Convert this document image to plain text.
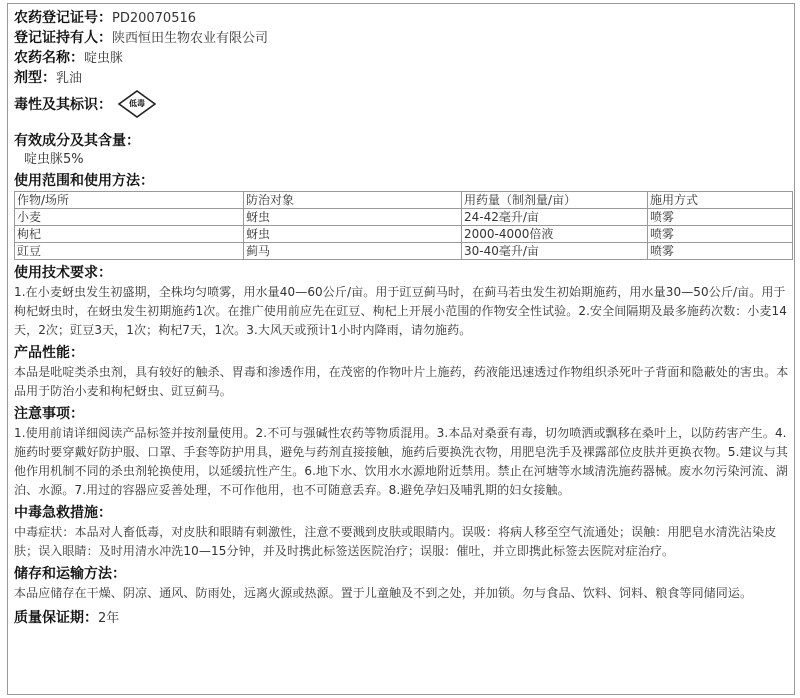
农药登记证号：PD20070516
登记证持有人：陕西恒田生物农业有限公司
农药名称：啶虫脒
剂型：乳油
毒性及其标识：	低毒
有效成分及其含量：
啶虫脒5%
使用范围和使用方法：
作物/场所	防治对象	用药量（制剂量/亩）	施用方式
小麦	蚜虫	24-42毫升/亩	喷雾
枸杞	蚜虫	2000-4000倍液	喷雾
豇豆	蓟马	30-40毫升/亩	喷雾
使用技术要求：
1.在小麦蚜虫发生初盛期，全株均匀喷雾，用水量40—60公斤/亩。用于豇豆蓟马时，在蓟马若虫发生初始期施药，用水量30—50公斤/亩。用于枸杞蚜虫时，在蚜虫发生初期施药1次。在推广使用前应先在豇豆、枸杞上开展小范围的作物安全性试验。2.安全间隔期及最多施药次数：小麦14天，2次；豇豆3天，1次；枸杞7天，1次。3.大风天或预计1小时内降雨，请勿施药。
产品性能：
本品是吡啶类杀虫剂，具有较好的触杀、胃毒和渗透作用，在茂密的作物叶片上施药，药液能迅速透过作物组织杀死叶子背面和隐蔽处的害虫。本品用于防治小麦和枸杞蚜虫、豇豆蓟马。
注意事项：
1.使用前请详细阅读产品标签并按剂量使用。2.不可与强碱性农药等物质混用。3.本品对桑蚕有毒，切勿喷洒或飘移在桑叶上，以防药害产生。4.施药时要穿戴好防护服、口罩、手套等防护用具，避免与药剂直接接触，施药后要换洗衣物，用肥皂洗手及裸露部位皮肤并更换衣物。5.建议与其他作用机制不同的杀虫剂轮换使用，以延缓抗性产生。6.地下水、饮用水水源地附近禁用。禁止在河塘等水域清洗施药器械。废水勿污染河流、湖泊、水源。7.用过的容器应妥善处理，不可作他用，也不可随意丢弃。8.避免孕妇及哺乳期的妇女接触。
中毒急救措施：
中毒症状：本品对人畜低毒，对皮肤和眼睛有刺激性，注意不要溅到皮肤或眼睛内。误吸：将病人移至空气流通处；误触：用肥皂水清洗沾染皮肤；误入眼睛：及时用清水冲洗10—15分钟，并及时携此标签送医院治疗；误服：催吐，并立即携此标签去医院对症治疗。
储存和运输方法：
本品应储存在干燥、阴凉、通风、防雨处，远离火源或热源。置于儿童触及不到之处，并加锁。勿与食品、饮料、饲料、粮食等同储同运。
质量保证期：2年
